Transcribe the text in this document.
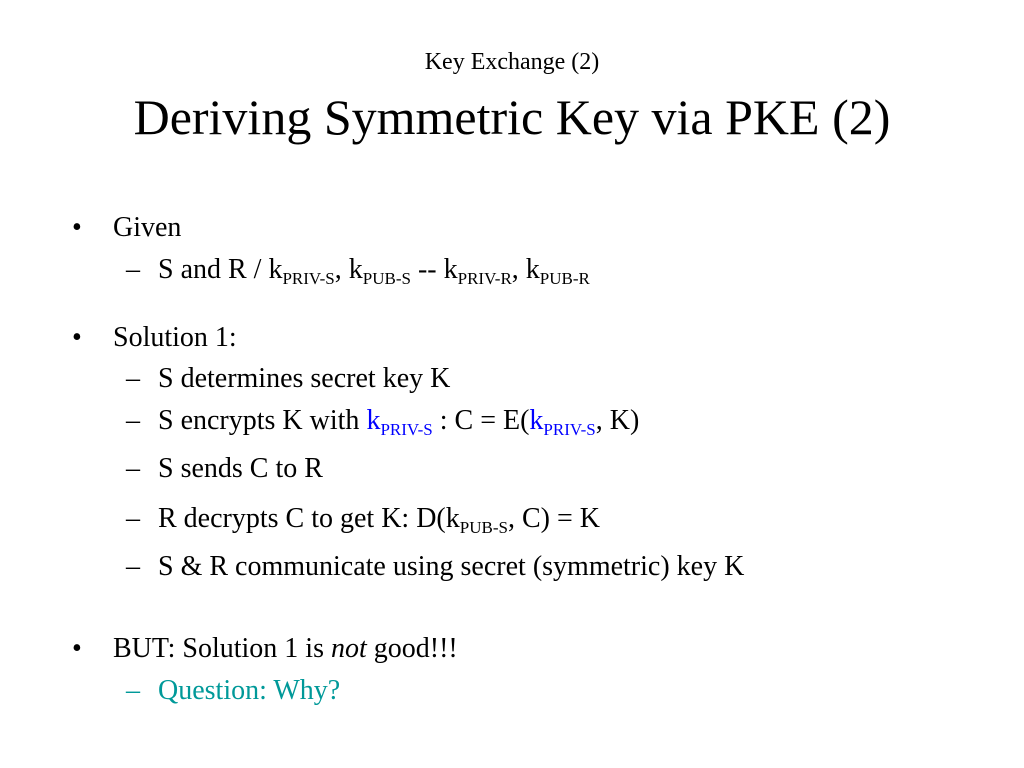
Key Exchange (2)
Deriving Symmetric Key via PKE (2)
• Given
– S and R / $k_{PRIV-S}$, $k_{PUB-S} -- k_{PRIV-R}$, $k_{PUB-R}$
• Solution 1:
– S determines secret key K
– S encrypts K with $k_{PRIV-S}$ : $C = E(k_{PRIV-S}$, K)
– S sends C to R
– R decrypts C to get K: $D(k_{PUB-S}$, C) = K
– S & R communicate using secret (symmetric) key K
• BUT: Solution 1 is not good!!!
– Question: Why?
